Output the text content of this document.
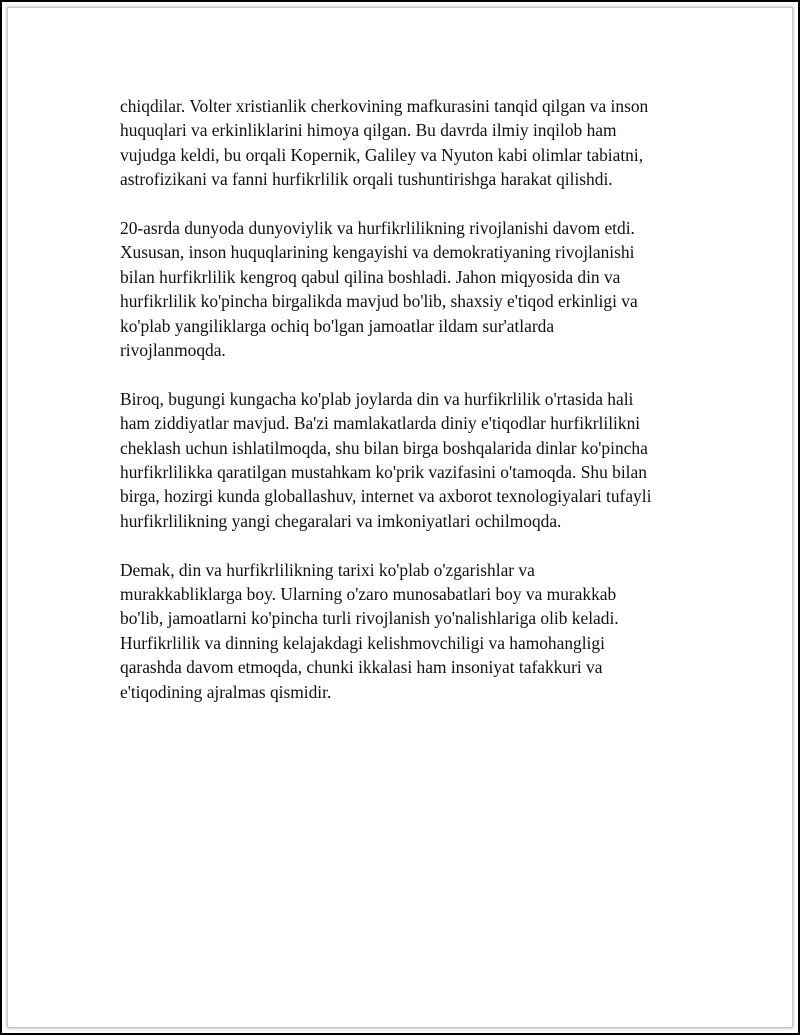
chiqdilar. Volter xristianlik cherkovining mafkurasini tanqid qilgan va inson
huquqlari va erkinliklarini himoya qilgan. Bu davrda ilmiy inqilob ham
vujudga keldi, bu orqali Kopernik, Galiley va Nyuton kabi olimlar tabiatni,
astrofizikani va fanni hurfikrlilik orqali tushuntirishga harakat qilishdi.

20-asrda dunyoda dunyoviylik va hurfikrlilikning rivojlanishi davom etdi.
Xususan, inson huquqlarining kengayishi va demokratiyaning rivojlanishi
bilan hurfikrlilik kengroq qabul qilina boshladi. Jahon miqyosida din va
hurfikrlilik ko'pincha birgalikda mavjud bo'lib, shaxsiy e'tiqod erkinligi va
ko'plab yangiliklarga ochiq bo'lgan jamoatlar ildam sur'atlarda
rivojlanmoqda.

Biroq, bugungi kungacha ko'plab joylarda din va hurfikrlilik o'rtasida hali
ham ziddiyatlar mavjud. Ba'zi mamlakatlarda diniy e'tiqodlar hurfikrlilikni
cheklash uchun ishlatilmoqda, shu bilan birga boshqalarida dinlar ko'pincha
hurfikrlilikka qaratilgan mustahkam ko'prik vazifasini o'tamoqda. Shu bilan
birga, hozirgi kunda globallashuv, internet va axborot texnologiyalari tufayli
hurfikrlilikning yangi chegaralari va imkoniyatlari ochilmoqda.

Demak, din va hurfikrlilikning tarixi ko'plab o'zgarishlar va
murakkabliklarga boy. Ularning o'zaro munosabatlari boy va murakkab
bo'lib, jamoatlarni ko'pincha turli rivojlanish yo'nalishlariga olib keladi.
Hurfikrlilik va dinning kelajakdagi kelishmovchiligi va hamohangligi
qarashda davom etmoqda, chunki ikkalasi ham insoniyat tafakkuri va
e'tiqodining ajralmas qismidir.
